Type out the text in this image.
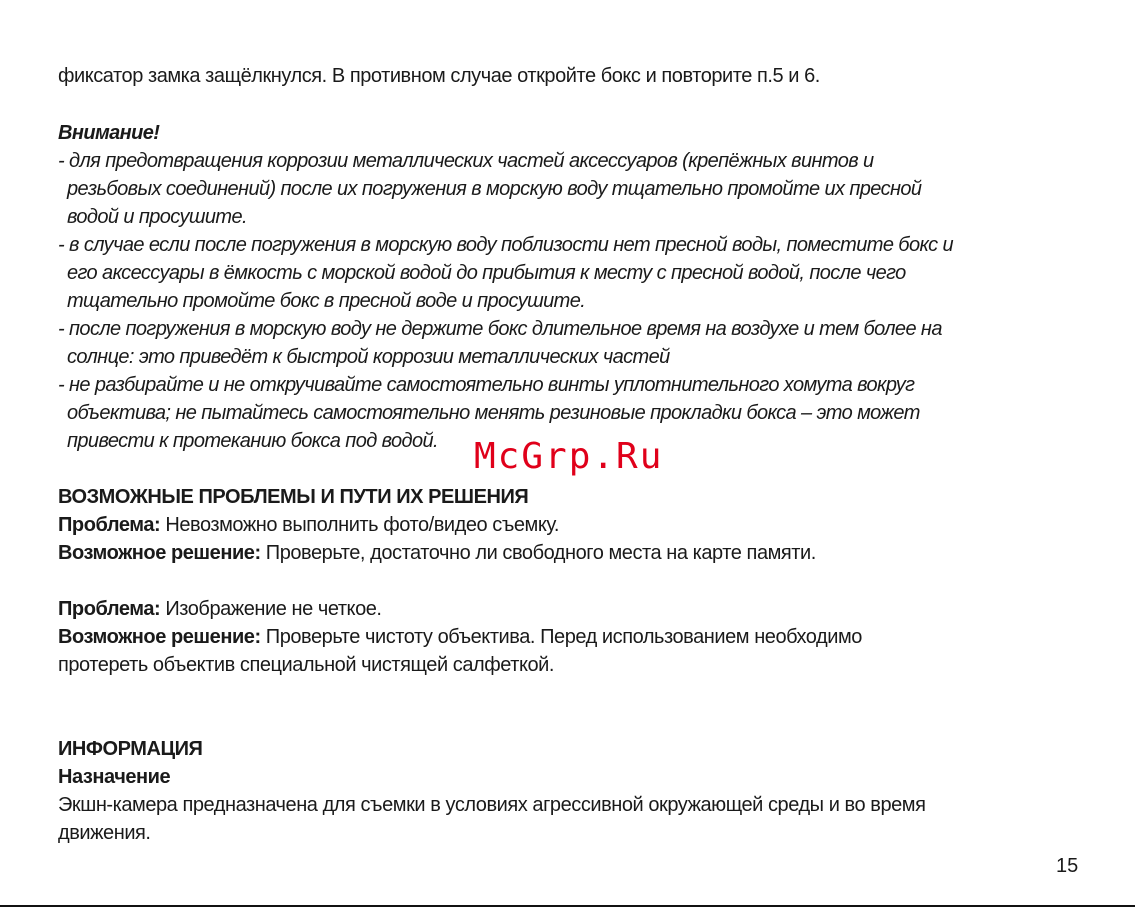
фиксатор замка защёлкнулся. В противном случае откройте бокс и повторите п.5 и 6.
Внимание!
- для предотвращения коррозии металлических частей аксессуаров (крепёжных винтов и
резьбовых соединений) после их погружения в морскую воду тщательно промойте их пресной
водой и просушите.
- в случае если после погружения в морскую воду поблизости нет пресной воды, поместите бокс и
его аксессуары в ёмкость с морской водой до прибытия к месту с пресной водой, после чего
тщательно промойте бокс в пресной воде и просушите.
- после погружения в морскую воду не держите бокс длительное время на воздухе и тем более на
солнце: это приведёт к быстрой коррозии металлических частей
- не разбирайте и не откручивайте самостоятельно винты уплотнительного хомута вокруг
объектива; не пытайтесь самостоятельно менять резиновые прокладки бокса – это может
привести к протеканию бокса под водой.
ВОЗМОЖНЫЕ ПРОБЛЕМЫ И ПУТИ ИХ РЕШЕНИЯ
Проблема: Невозможно выполнить фото/видео съемку.
Возможное решение: Проверьте, достаточно ли свободного места на карте памяти.
Проблема: Изображение не четкое.
Возможное решение: Проверьте чистоту объектива. Перед использованием необходимо
протереть объектив специальной чистящей салфеткой.
ИНФОРМАЦИЯ
Назначение
Экшн-камера предназначена для съемки в условиях агрессивной окружающей среды и во время
движения.
McGrp.Ru
15
